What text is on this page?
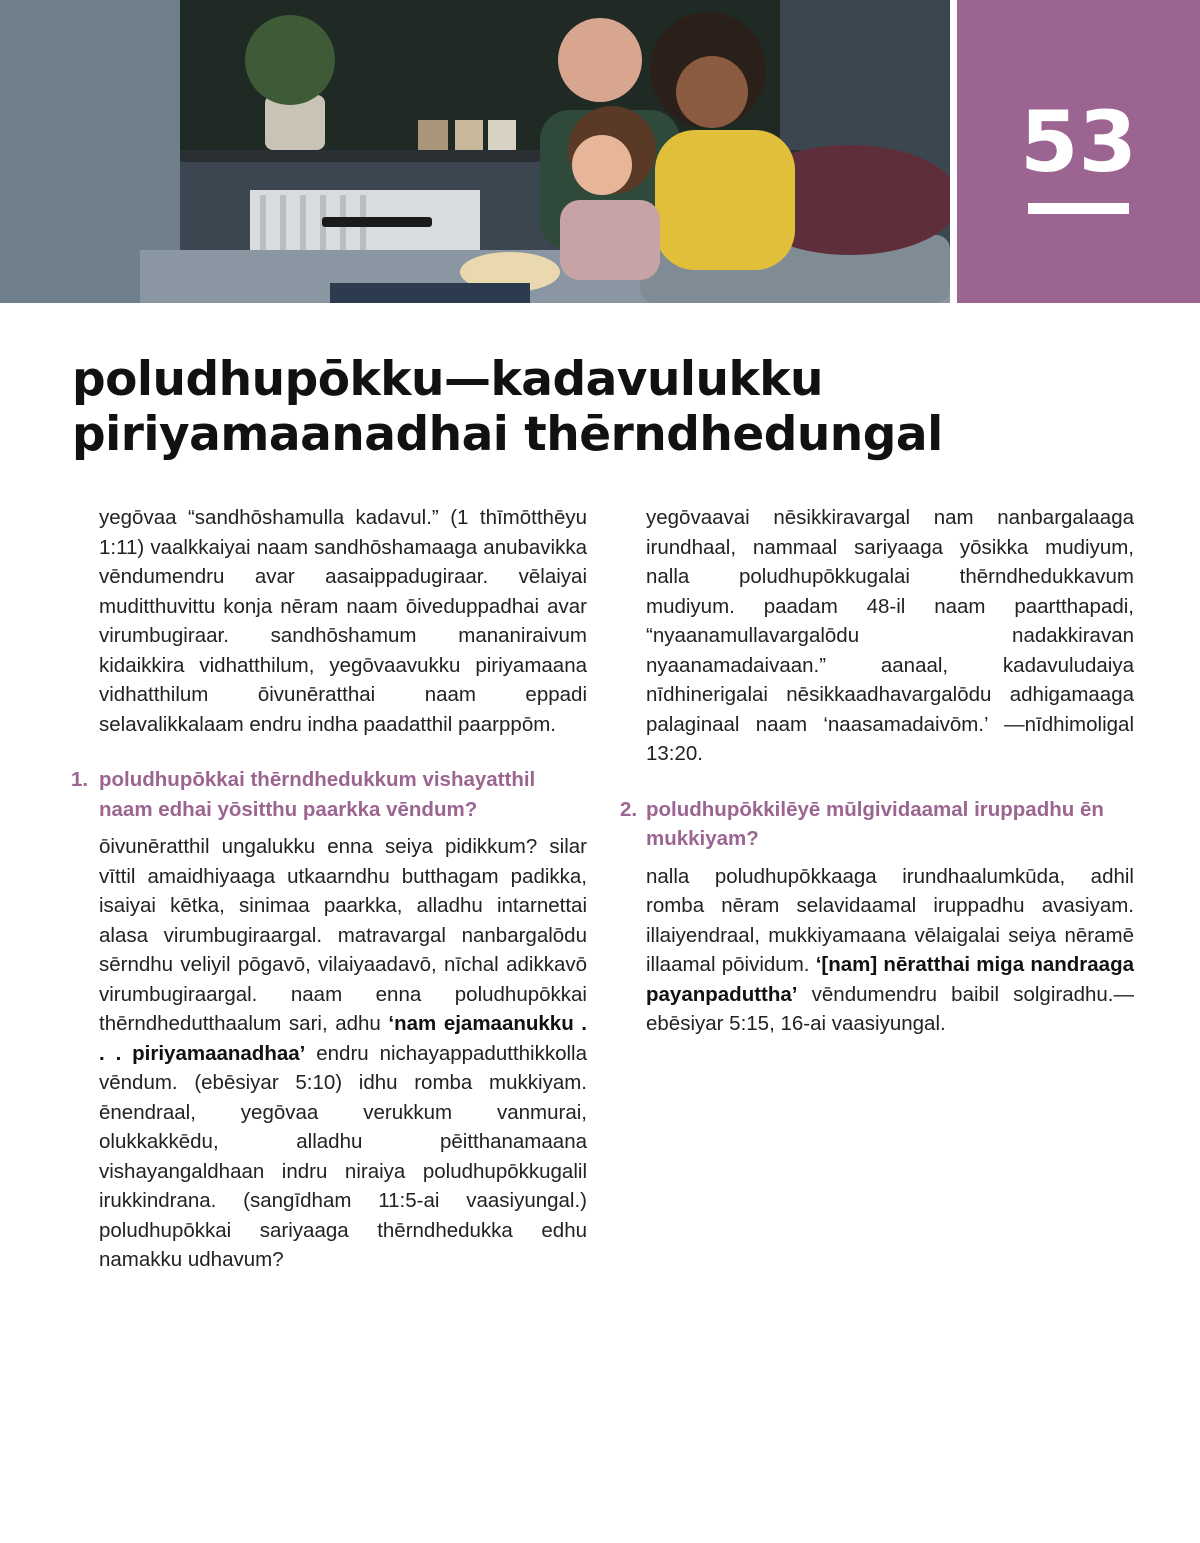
53
poludhupōkku—kadavulukku
piriyamaanadhai thērndhedungal

yegōvaa “sandhōshamulla kadavul.” (1 thīmōtthēyu 1:11) vaalkkaiyai naam sandhōshamaaga anubavikka vēndumendru avar aasaippadugiraar. vēlaiyai muditthuvittu konja nēram naam ōiveduppadhai avar virumbugiraar. sandhōshamum mananiraivum kidaikkira vidhatthilum, yegōvaavukku piriyamaana vidhatthilum ōivunēratthai naam eppadi selavalikkalaam endru indha paadatthil paarppōm.

1. poludhupōkkai thērndhedukkum vishayatthil naam edhai yōsitthu paarkka vēndum?

ōivunēratthil ungalukku enna seiya pidikkum? silar vīttil amaidhiyaaga utkaarndhu butthagam padikka, isaiyai kētka, sinimaa paarkka, alladhu intarnettai alasa virumbugiraargal. matravargal nanbargalōdu sērndhu veliyil pōgavō, vilaiyaadavō, nīchal adikkavō virumbugiraargal. naam enna poludhupōkkai thērndhedutthaalum sari, adhu ‘nam ejamaanukku . . . piriyamaanadhaa’ endru nichayappadutthikkolla vēndum. (ebēsiyar 5:10) idhu romba mukkiyam. ēnendraal, yegōvaa verukkum vanmurai, olukkakkēdu, alladhu pēitthanamaana vishayangaldhaan indru niraiya poludhupōkkugalil irukkindrana. (sangīdham 11:5-ai vaasiyungal.) poludhupōkkai sariyaaga thērndhedukka edhu namakku udhavum?

yegōvaavai nēsikkiravargal nam nanbargalaaga irundhaal, nammaal sariyaaga yōsikka mudiyum, nalla poludhupōkkugalai thērndhedukkavum mudiyum. paadam 48-il naam paartthapadi, “nyaanamullavargalōdu nadakkiravan nyaanamadaivaan.” aanaal, kadavuludaiya nīdhinerigalai nēsikkaadhavargalōdu adhigamaaga palaginaal naam ‘naasamadaivōm.’ —nīdhimoligal 13:20.

2. poludhupōkkilēyē mūlgividaamal iruppadhu ēn mukkiyam?

nalla poludhupōkkaaga irundhaalumkūda, adhil romba nēram selavidaamal iruppadhu avasiyam. illaiyendraal, mukkiyamaana vēlaigalai seiya nēramē illaamal pōividum. ‘[nam] nēratthai miga nandraaga payanpaduttha’ vēndumendru baibil solgiradhu.—ebēsiyar 5:15, 16-ai vaasiyungal.
